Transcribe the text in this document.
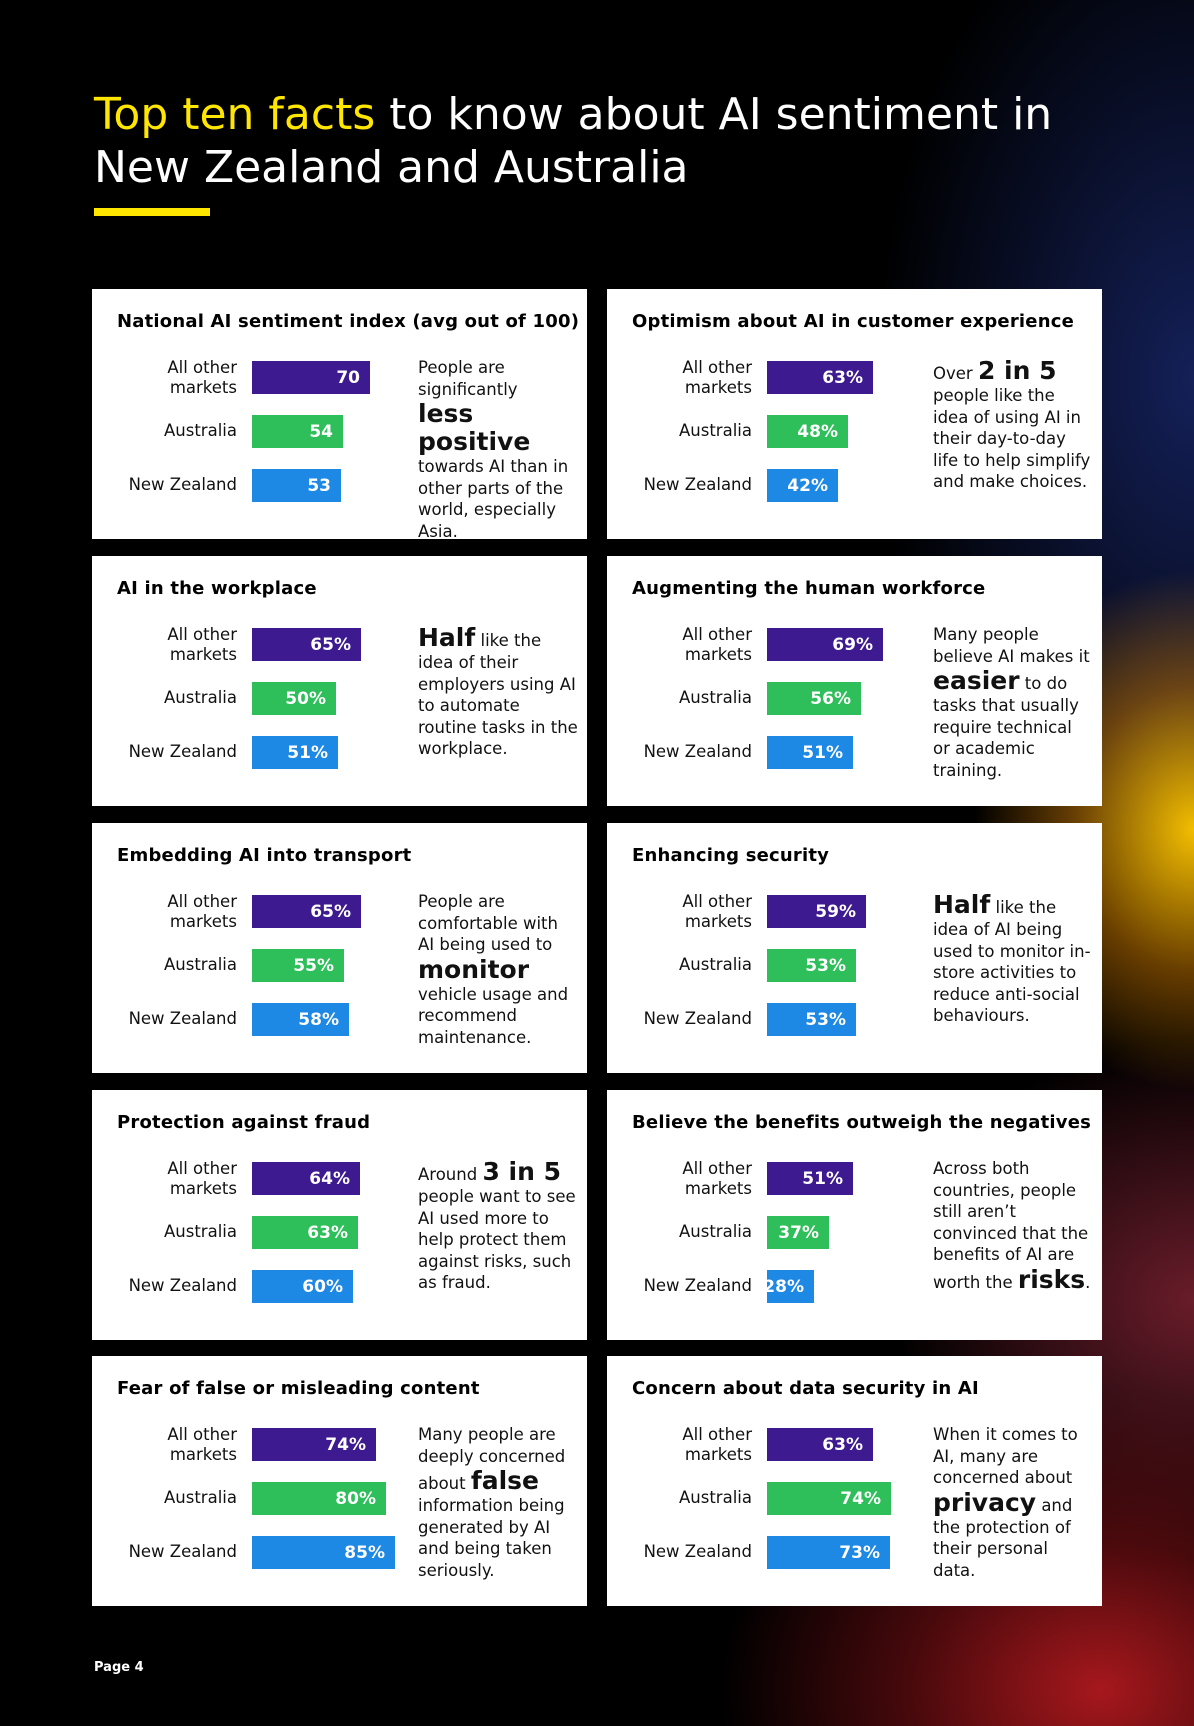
Top ten facts to know about AI sentiment in New Zealand and Australia
National AI sentiment index (avg out of 100)
All other markets	70
Australia	54
New Zealand	53
People are significantly less positive towards AI than in other parts of the world, especially Asia.
Optimism about AI in customer experience
All other markets	63%
Australia	48%
New Zealand	42%
Over 2 in 5 people like the idea of using AI in their day-to-day life to help simplify and make choices.
AI in the workplace
All other markets	65%
Australia	50%
New Zealand	51%
Half like the idea of their employers using AI to automate routine tasks in the workplace.
Augmenting the human workforce
All other markets	69%
Australia	56%
New Zealand	51%
Many people believe AI makes it easier to do tasks that usually require technical or academic training.
Embedding AI into transport
All other markets	65%
Australia	55%
New Zealand	58%
People are comfortable with AI being used to monitor vehicle usage and recommend maintenance.
Enhancing security
All other markets	59%
Australia	53%
New Zealand	53%
Half like the idea of AI being used to monitor in-store activities to reduce anti-social behaviours.
Protection against fraud
All other markets	64%
Australia	63%
New Zealand	60%
Around 3 in 5 people want to see AI used more to help protect them against risks, such as fraud.
Believe the benefits outweigh the negatives
All other markets	51%
Australia	37%
New Zealand 28%
Across both countries, people still aren’t convinced that the benefits of AI are worth the risks.
Fear of false or misleading content
All other markets	74%
Australia	80%
New Zealand	85%
Many people are deeply concerned about false information being generated by AI and being taken seriously.
Concern about data security in AI
All other markets	63%
Australia	74%
New Zealand	73%
When it comes to AI, many are concerned about privacy and the protection of their personal data.
Page 4
